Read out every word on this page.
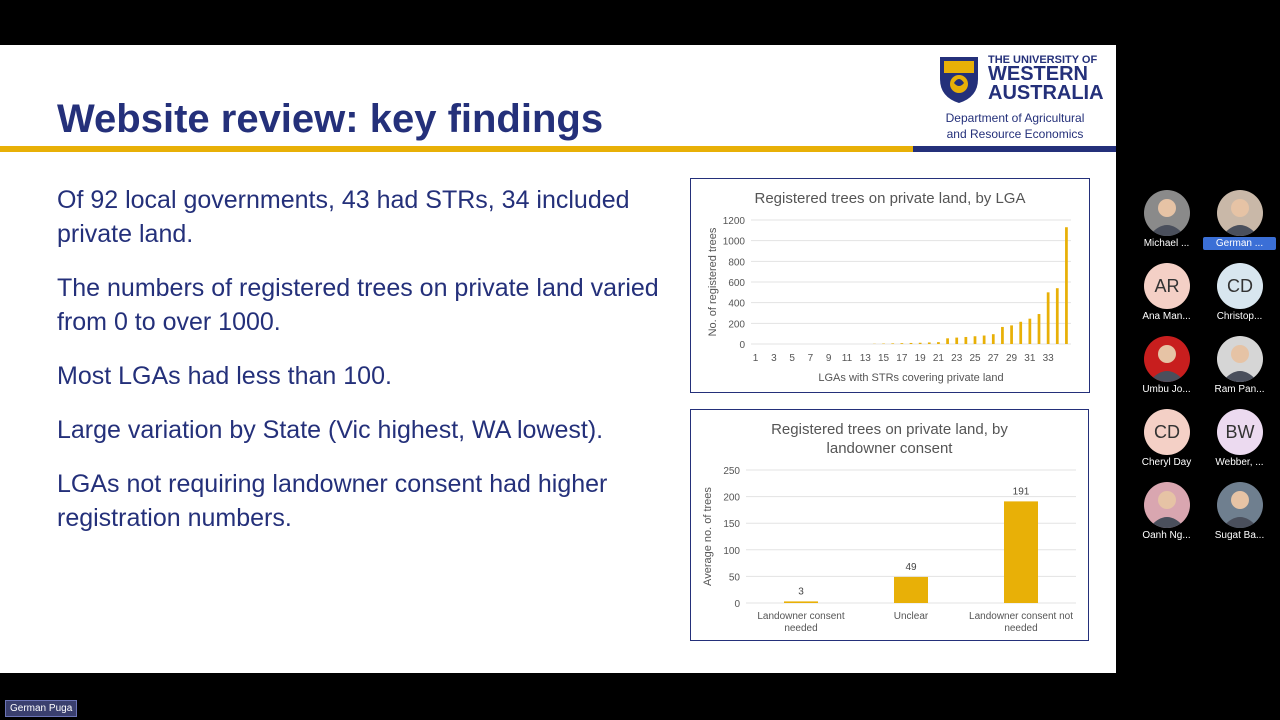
Website review: key findings
THE UNIVERSITY OF
WESTERN
AUSTRALIA
Department of Agricultural
and Resource Economics

Of 92 local governments, 43 had STRs, 34 included private land.

The numbers of registered trees on private land varied from 0 to over 1000.

Most LGAs had less than 100.

Large variation by State (Vic highest, WA lowest).

LGAs not requiring landowner consent had higher registration numbers.

Registered trees on private land, by LGA
0
200
400
600
800
1000
1200
1 3 5 7 9 11 13 15 17 19 21 23 25 27 29 31 33
LGAs with STRs covering private land
No. of registered trees
Registered trees on private land, by
landowner consent
0
50
100
150
200
250
3
Landowner consent
needed
49
Unclear
191
Landowner consent not
needed
Average no. of trees
Michael ...	German ...
AR
Ana Man...
CD
Christop...
Umbu Jo...	Ram Pan...
CD
Cheryl Day
BW
Webber, ...
Oanh Ng...	Sugat Ba...
German Puga
